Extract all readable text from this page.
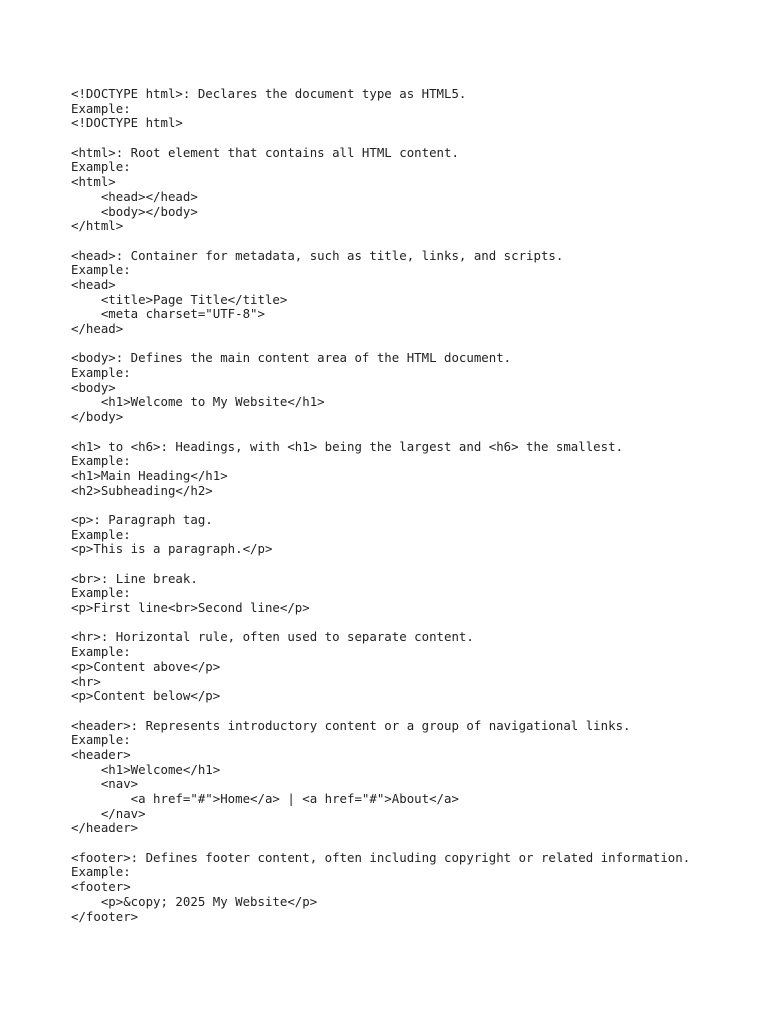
<!DOCTYPE html>: Declares the document type as HTML5.
Example:
<!DOCTYPE html>
<html>: Root element that contains all HTML content.
Example:
<html>
<head></head>
<body></body>
</html>
<head>: Container for metadata, such as title, links, and scripts.
Example:
<head>
<title>Page Title</title>
<meta charset="UTF-8">
</head>
<body>: Defines the main content area of the HTML document.
Example:
<body>
<h1>Welcome to My Website</h1>
</body>
<h1> to <h6>: Headings, with <h1> being the largest and <h6> the smallest.
Example:
<h1>Main Heading</h1>
<h2>Subheading</h2>
<p>: Paragraph tag.
Example:
<p>This is a paragraph.</p>
<br>: Line break.
Example:
<p>First line<br>Second line</p>
<hr>: Horizontal rule, often used to separate content.
Example:
<p>Content above</p>
<hr>
<p>Content below</p>
<header>: Represents introductory content or a group of navigational links.
Example:
<header>
<h1>Welcome</h1>
<nav>
<a href="#">Home</a> | <a href="#">About</a>
</nav>
</header>
<footer>: Defines footer content, often including copyright or related information.
Example:
<footer>
<p>&copy; 2025 My Website</p>
</footer>
